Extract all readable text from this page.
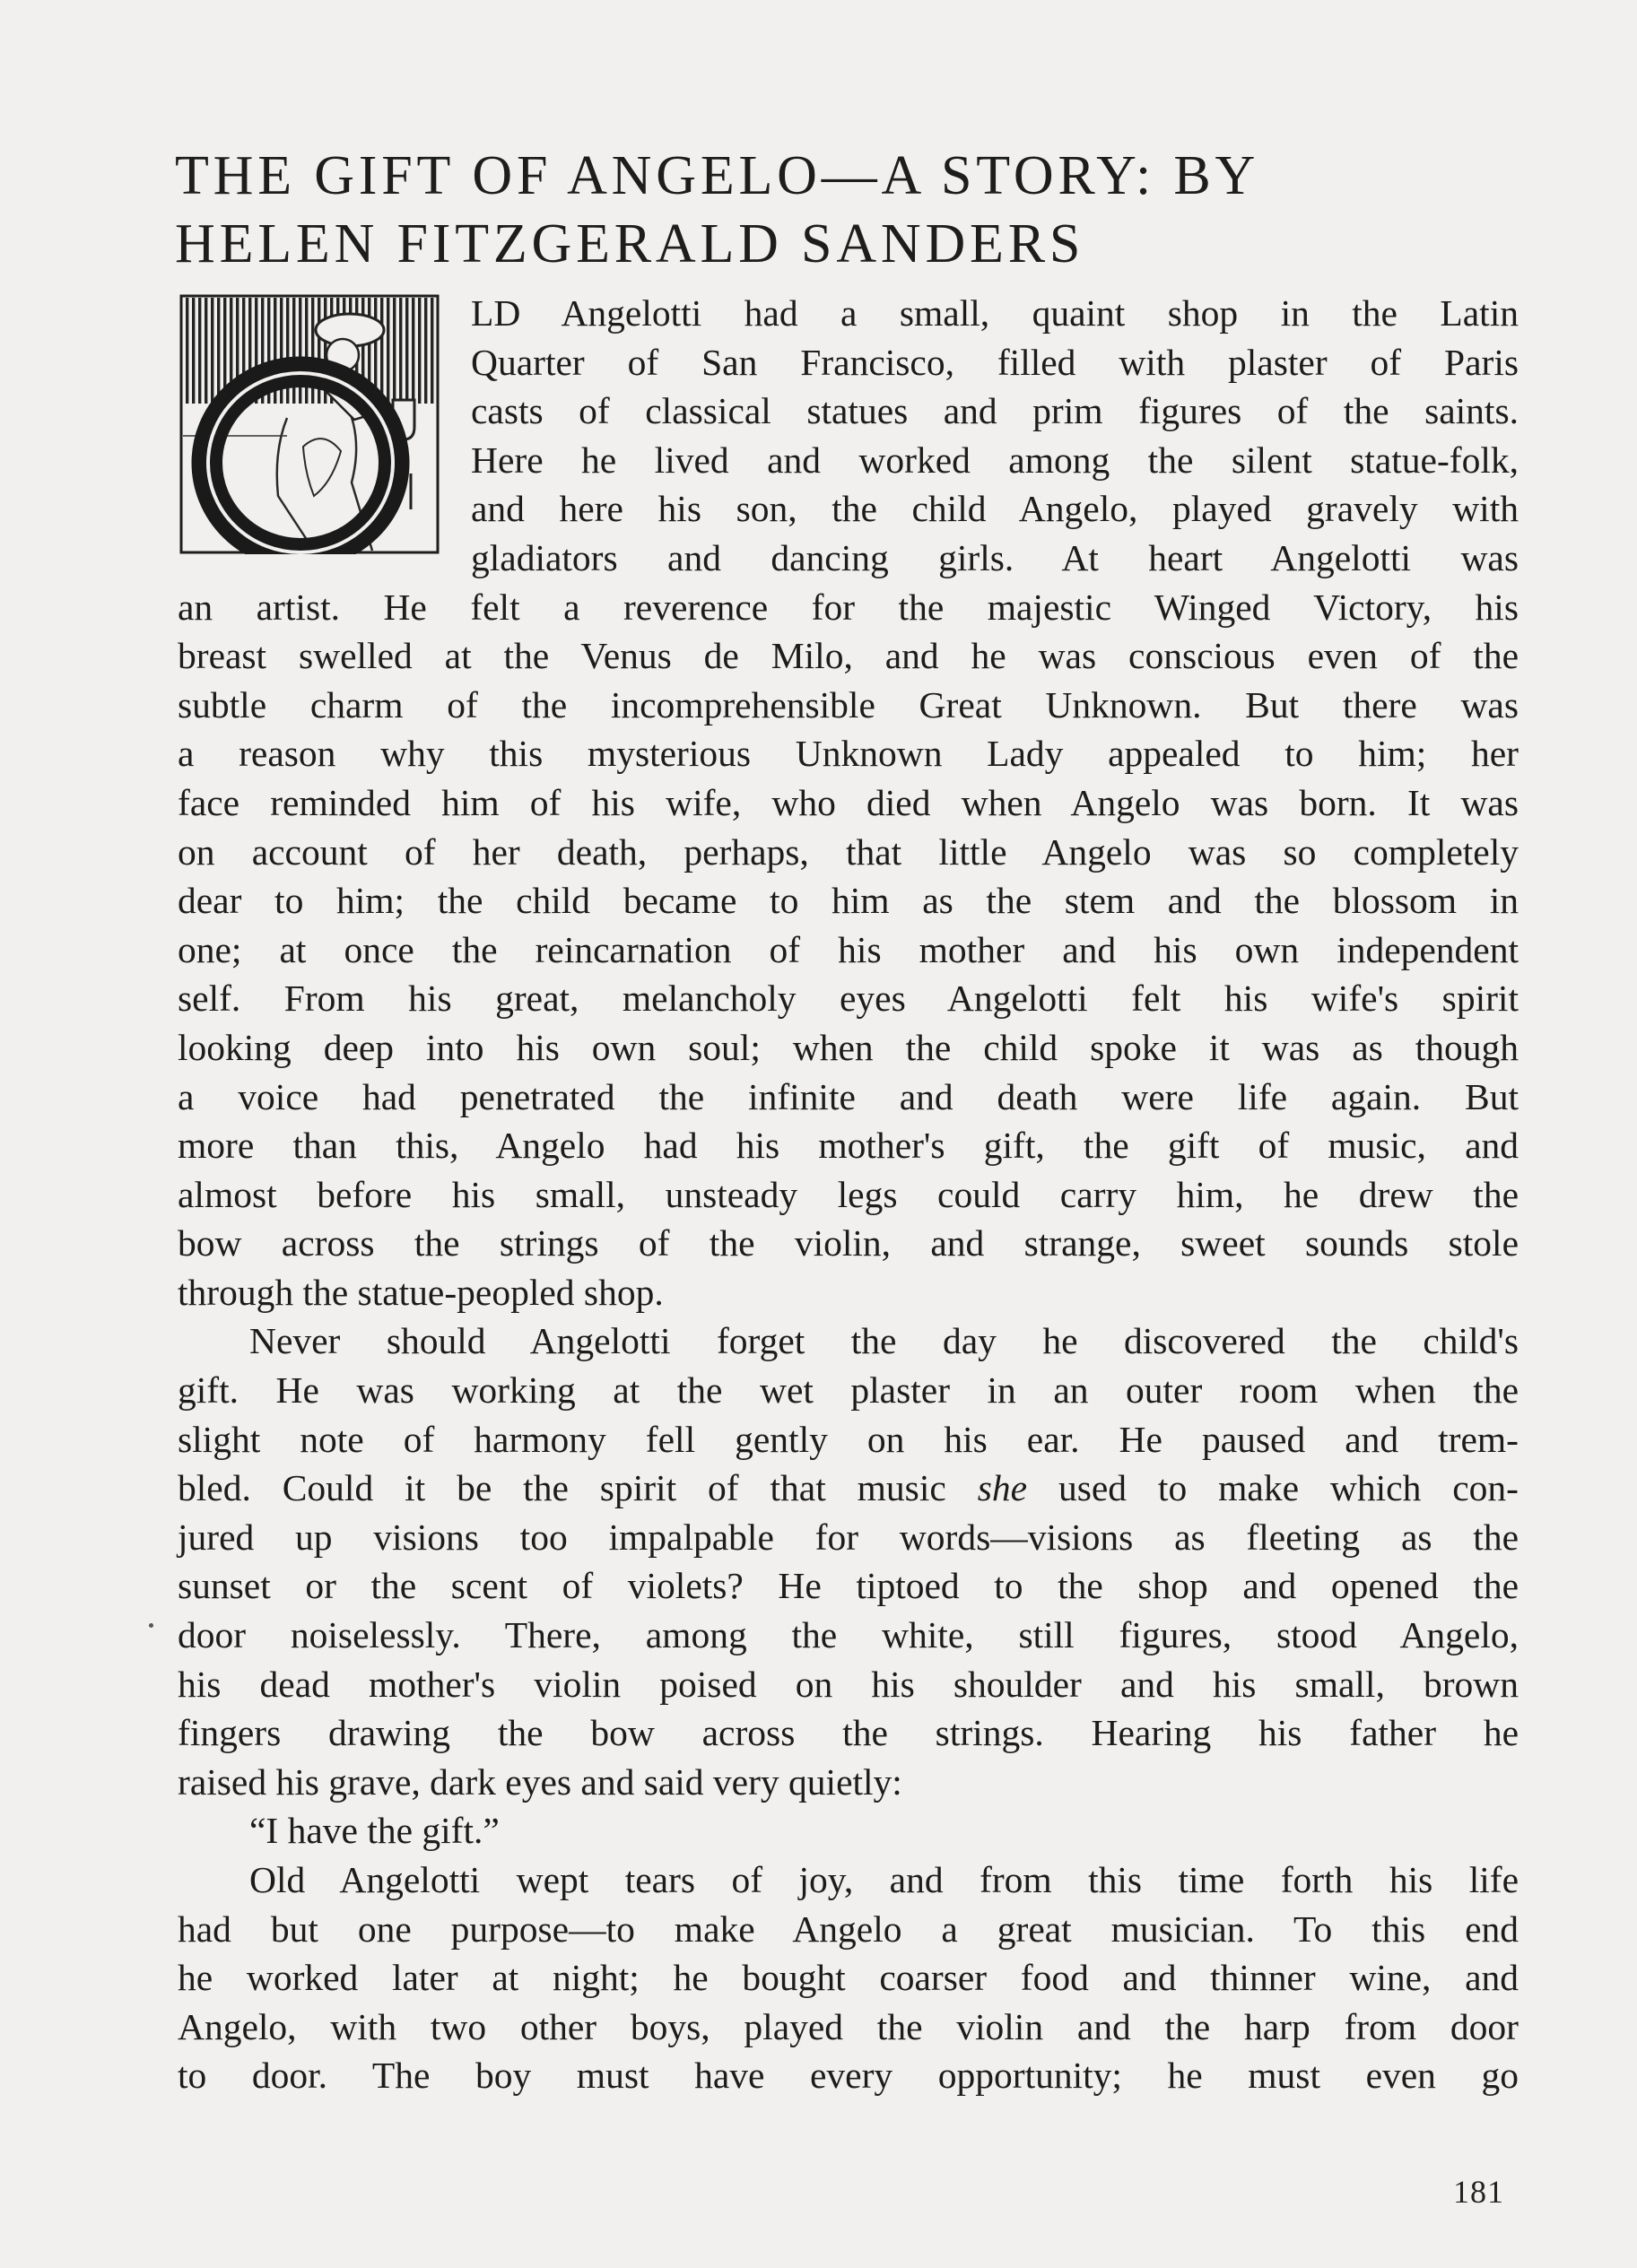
THE GIFT OF ANGELO—A STORY: BY
HELEN FITZGERALD SANDERS
LD Angelotti had a small, quaint shop in the Latin
Quarter of San Francisco, filled with plaster of Paris
casts of classical statues and prim figures of the saints.
Here he lived and worked among the silent statue-folk,
and here his son, the child Angelo, played gravely with
gladiators and dancing girls. At heart Angelotti was
an artist. He felt a reverence for the majestic Winged Victory, his
breast swelled at the Venus de Milo, and he was conscious even of the
subtle charm of the incomprehensible Great Unknown. But there was
a reason why this mysterious Unknown Lady appealed to him; her
face reminded him of his wife, who died when Angelo was born. It was
on account of her death, perhaps, that little Angelo was so completely
dear to him; the child became to him as the stem and the blossom in
one; at once the reincarnation of his mother and his own independent
self. From his great, melancholy eyes Angelotti felt his wife's spirit
looking deep into his own soul; when the child spoke it was as though
a voice had penetrated the infinite and death were life again. But
more than this, Angelo had his mother's gift, the gift of music, and
almost before his small, unsteady legs could carry him, he drew the
bow across the strings of the violin, and strange, sweet sounds stole
through the statue-peopled shop.
Never should Angelotti forget the day he discovered the child's
gift. He was working at the wet plaster in an outer room when the
slight note of harmony fell gently on his ear. He paused and trem-
bled. Could it be the spirit of that music she used to make which con-
jured up visions too impalpable for words—visions as fleeting as the
sunset or the scent of violets? He tiptoed to the shop and opened the
door noiselessly. There, among the white, still figures, stood Angelo,
his dead mother's violin poised on his shoulder and his small, brown
fingers drawing the bow across the strings. Hearing his father he
raised his grave, dark eyes and said very quietly:
“I have the gift.”
Old Angelotti wept tears of joy, and from this time forth his life
had but one purpose—to make Angelo a great musician. To this end
he worked later at night; he bought coarser food and thinner wine, and
Angelo, with two other boys, played the violin and the harp from door
to door. The boy must have every opportunity; he must even go
181
